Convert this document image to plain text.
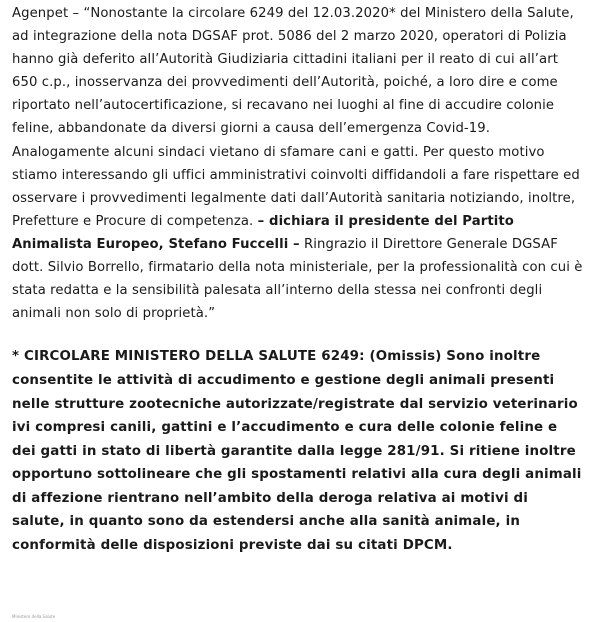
Agenpet – “Nonostante la circolare 6249 del 12.03.2020* del Ministero della Salute, ad integrazione della nota DGSAF prot. 5086 del 2 marzo 2020, operatori di Polizia hanno già deferito all’Autorità Giudiziaria cittadini italiani per il reato di cui all’art 650 c.p., inosservanza dei provvedimenti dell’Autorità, poiché, a loro dire e come riportato nell’autocertificazione, si recavano nei luoghi al fine di accudire colonie feline, abbandonate da diversi giorni a causa dell’emergenza Covid-19. Analogamente alcuni sindaci vietano di sfamare cani e gatti. Per questo motivo stiamo interessando gli uffici amministrativi coinvolti diffidandoli a fare rispettare ed osservare i provvedimenti legalmente dati dall’Autorità sanitaria notiziando, inoltre, Prefetture e Procure di competenza. – dichiara il presidente del Partito Animalista Europeo, Stefano Fuccelli – Ringrazio il Direttore Generale DGSAF dott. Silvio Borrello, firmatario della nota ministeriale, per la professionalità con cui è stata redatta e la sensibilità palesata all’interno della stessa nei confronti degli animali non solo di proprietà.”

* CIRCOLARE MINISTERO DELLA SALUTE 6249: (Omissis) Sono inoltre consentite le attività di accudimento e gestione degli animali presenti nelle strutture zootecniche autorizzate/registrate dal servizio veterinario ivi compresi canili, gattini e l’accudimento e cura delle colonie feline e dei gatti in stato di libertà garantite dalla legge 281/91. Si ritiene inoltre opportuno sottolineare che gli spostamenti relativi alla cura degli animali di affezione rientrano nell’ambito della deroga relativa ai motivi di salute, in quanto sono da estendersi anche alla sanità animale, in conformità delle disposizioni previste dai su citati DPCM.

Ministero della Salute
